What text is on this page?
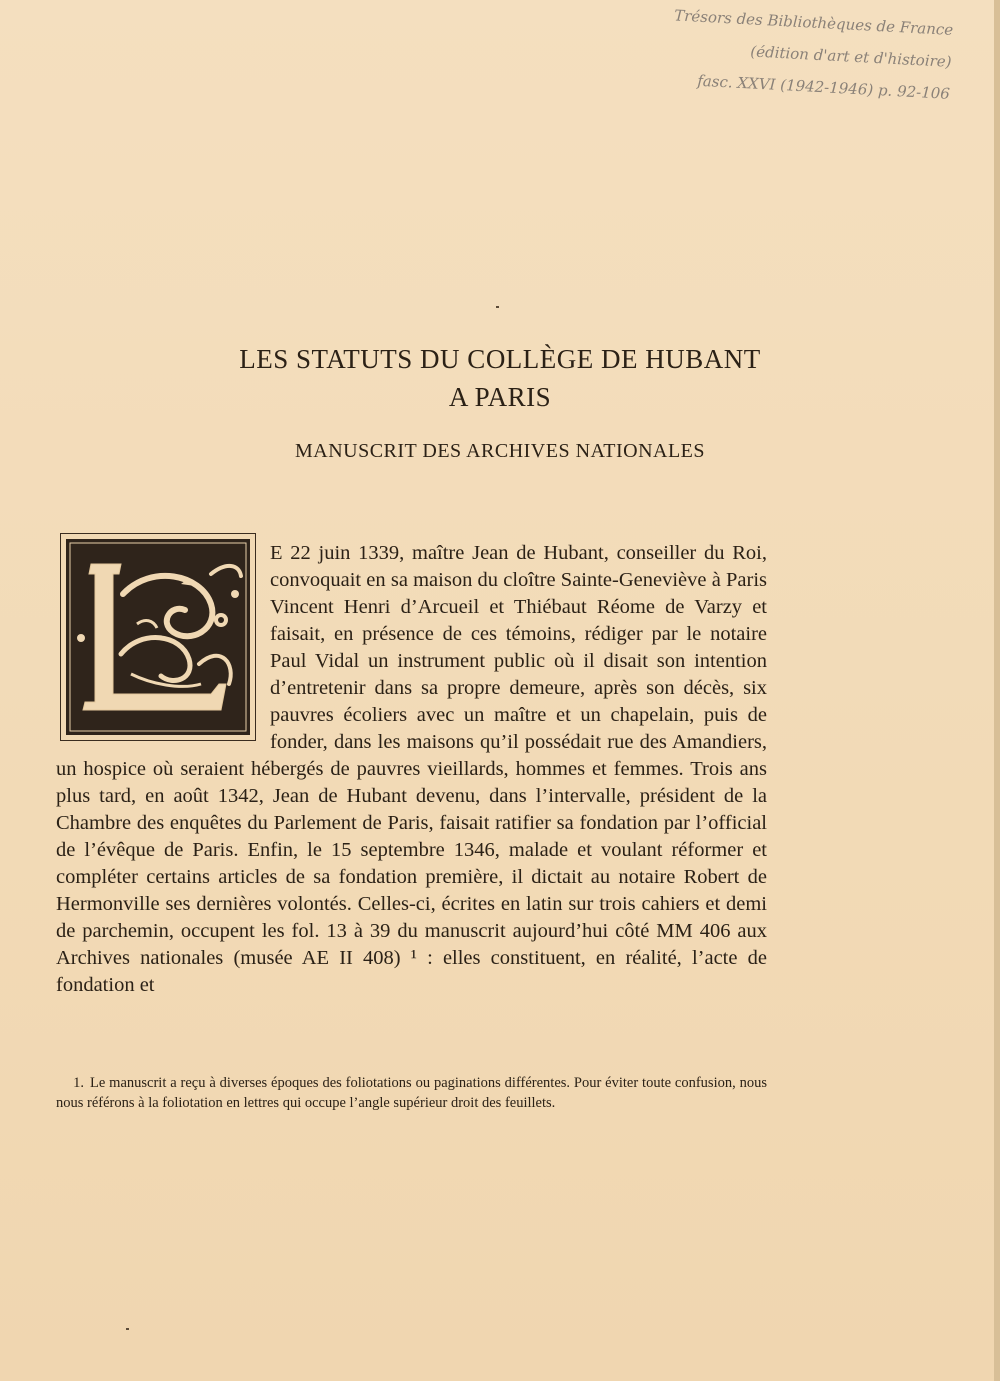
Trésors des Bibliothèques de France
(édition d'art et d'histoire)
fasc. XXVI (1942-1946) p. 92-106
LES STATUTS DU COLLÈGE DE HUBANT
A PARIS
MANUSCRIT DES ARCHIVES NATIONALES

E 22 juin 1339, maître Jean de Hubant, conseiller du Roi, convoquait en sa maison du cloître Sainte-Geneviève à Paris Vincent Henri d’Arcueil et Thiébaut Réome de Varzy et faisait, en présence de ces témoins, rédiger par le notaire Paul Vidal un instrument public où il disait son intention d’entretenir dans sa propre demeure, après son décès, six pauvres écoliers avec un maître et un chapelain, puis de fonder, dans les maisons qu’il possédait rue des Amandiers, un hospice où seraient hébergés de pauvres vieillards, hommes et femmes. Trois ans plus tard, en août 1342, Jean de Hubant devenu, dans l’intervalle, président de la Chambre des enquêtes du Parlement de Paris, faisait ratifier sa fondation par l’official de l’évêque de Paris. Enfin, le 15 septembre 1346, malade et voulant réformer et compléter certains articles de sa fondation première, il dictait au notaire Robert de Hermonville ses dernières volontés. Celles-ci, écrites en latin sur trois cahiers et demi de parchemin, occupent les fol. 13 à 39 du manuscrit aujourd’hui côté MM 406 aux Archives nationales (musée AE II 408) ¹ : elles constituent, en réalité, l’acte de fondation et

1. Le manuscrit a reçu à diverses époques des foliotations ou paginations différentes. Pour éviter toute confusion, nous nous référons à la foliotation en lettres qui occupe l’angle supérieur droit des feuillets.
